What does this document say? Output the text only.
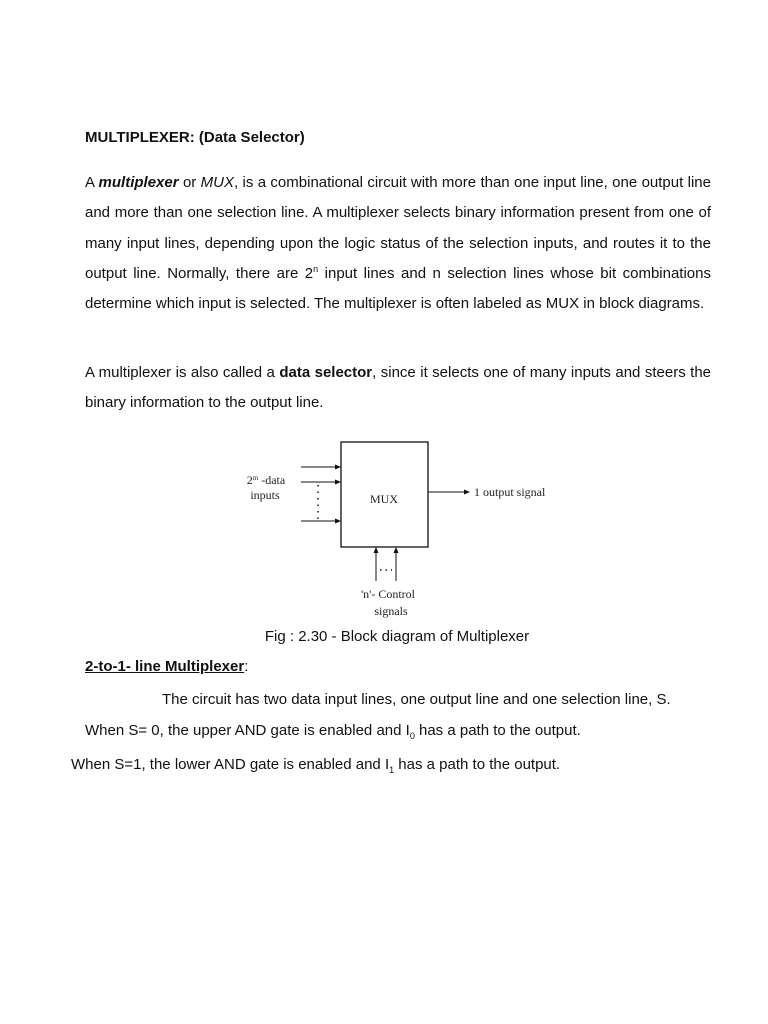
MULTIPLEXER: (Data Selector)

A multiplexer or MUX, is a combinational circuit with more than one input line, one output line and more than one selection line. A multiplexer selects binary information present from one of many input lines, depending upon the logic status of the selection inputs, and routes it to the output line. Normally, there are 2$^n$ input lines and n selection lines whose bit combinations determine which input is selected. The multiplexer is often labeled as MUX in block diagrams.

A multiplexer is also called a data selector, since it selects one of many inputs and steers the binary information to the output line.

MUX
2$^m$ -data
inputs	1 output signal
'n'- Control
signals

Fig : 2.30 - Block diagram of Multiplexer

2-to-1- line Multiplexer:

The circuit has two data input lines, one output line and one selection line, S.

When S= 0, the upper AND gate is enabled and $I_0$ has a path to the output.

When S=1, the lower AND gate is enabled and $I_1$ has a path to the output.
